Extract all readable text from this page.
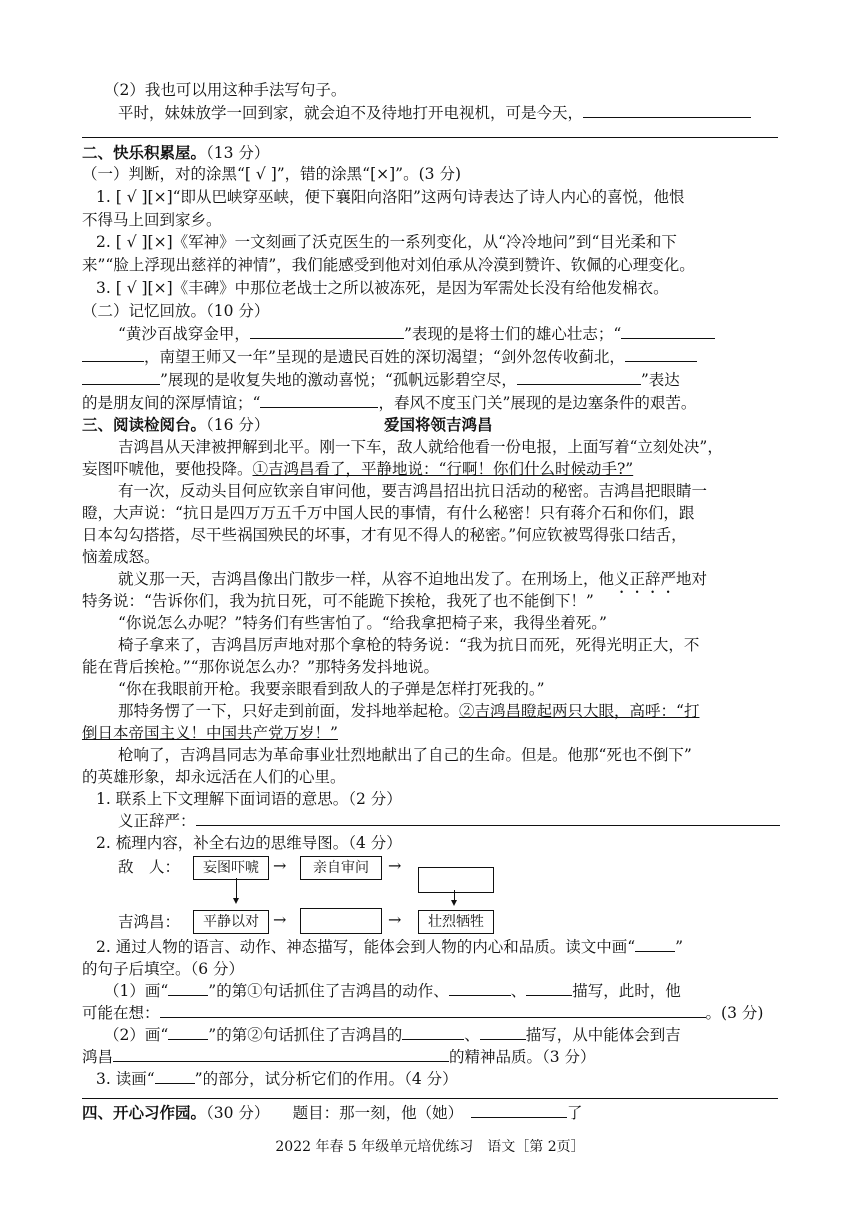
（2）我也可以用这种手法写句子。
平时，妹妹放学一回到家，就会迫不及待地打开电视机，可是今天，
二、快乐积累屋。（13 分）
（一）判断，对的涂黑“[ √ ]”，错的涂黑“[×]”。(3 分)
1. [ √ ][×]“即从巴峡穿巫峡，便下襄阳向洛阳”这两句诗表达了诗人内心的喜悦，他恨
不得马上回到家乡。
2. [ √ ][×]《军神》一文刻画了沃克医生的一系列变化，从“冷冷地问”到“目光柔和下
来”“脸上浮现出慈祥的神情”，我们能感受到他对刘伯承从冷漠到赞许、钦佩的心理变化。
3. [ √ ][×]《丰碑》中那位老战士之所以被冻死，是因为军需处长没有给他发棉衣。
（二）记忆回放。（10 分）
“黄沙百战穿金甲，	”表现的是将士们的雄心壮志；“
，南望王师又一年”呈现的是遗民百姓的深切渴望；“剑外忽传收蓟北，
”展现的是收复失地的激动喜悦；“孤帆远影碧空尽，	”表达
的是朋友间的深厚情谊；“	，春风不度玉门关”展现的是边塞条件的艰苦。
三、阅读检阅台。（16 分）	爱国将领吉鸿昌
吉鸿昌从天津被押解到北平。刚一下车，敌人就给他看一份电报，上面写着“立刻处决”，
妄图吓唬他，要他投降。①吉鸿昌看了，平静地说：“行啊！你们什么时候动手?”
有一次，反动头目何应钦亲自审问他，要吉鸿昌招出抗日活动的秘密。吉鸿昌把眼睛一
瞪，大声说：“抗日是四万万五千万中国人民的事情，有什么秘密！只有蒋介石和你们，跟
日本勾勾搭搭，尽干些祸国殃民的坏事，才有见不得人的秘密。”何应钦被骂得张口结舌，
恼羞成怒。
就义那一天，吉鸿昌像出门散步一样，从容不迫地出发了。在刑场上，他义正辞严地对
特务说：“告诉你们，我为抗日死，可不能跪下挨枪，我死了也不能倒下！”
“你说怎么办呢？”特务们有些害怕了。“给我拿把椅子来，我得坐着死。”
椅子拿来了，吉鸿昌厉声地对那个拿枪的特务说：“我为抗日而死，死得光明正大，不
能在背后挨枪。”“那你说怎么办？”那特务发抖地说。
“你在我眼前开枪。我要亲眼看到敌人的子弹是怎样打死我的。”
那特务愣了一下，只好走到前面，发抖地举起枪。②吉鸿昌瞪起两只大眼，高呼：“打
倒日本帝国主义！中国共产党万岁！”
枪响了，吉鸿昌同志为革命事业壮烈地献出了自己的生命。但是。他那“死也不倒下”
的英雄形象，却永远活在人们的心里。
1. 联系上下文理解下面词语的意思。（2 分）
义正辞严：
2. 梳理内容，补全右边的思维导图。（4 分）
敌　人：	妄图吓唬 →	亲自审问	→
吉鸿昌：	平静以对 →	→	壮烈牺牲
2. 通过人物的语言、动作、神态描写，能体会到人物的内心和品质。读文中画“	”
的句子后填空。（6 分）
（1）画“	”的第①句话抓住了吉鸿昌的动作、	、	描写，此时，他
可能在想：	。(3 分)
（2）画“	”的第②句话抓住了吉鸿昌的	、	描写，从中能体会到吉
鸿昌	的精神品质。（3 分）
3. 读画“	”的部分，试分析它们的作用。（4 分）
四、开心习作园。（30 分）　　题目：那一刻，他（她）　	了
2022 年春 5 年级单元培优练习　语文［第 2页］
